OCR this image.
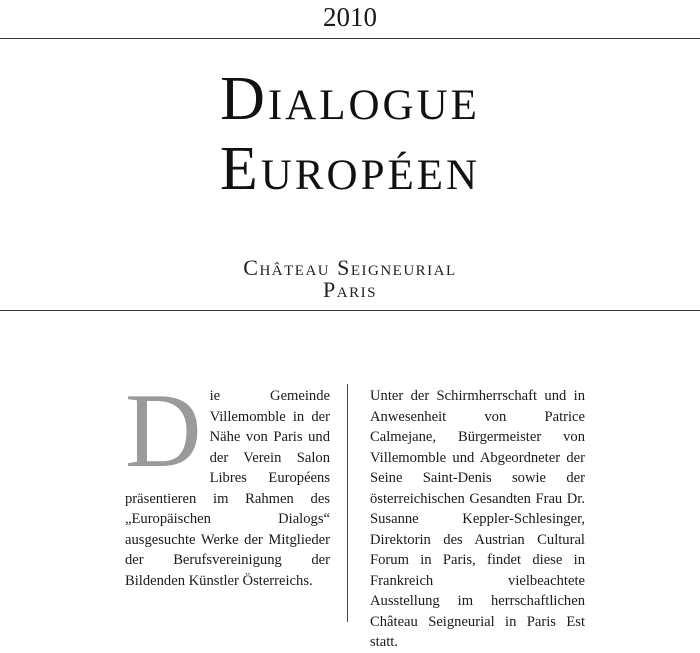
2010
Dialogue
Européen
Château Seigneurial
Paris
Die Gemeinde Villemomble in der Nähe von Paris und der Verein Salon Libres Européens präsentieren im Rahmen des „Europäischen Dialogs“ ausgesuchte Werke der Mitglieder der Berufsvereinigung der Bildenden Künstler Österreichs.
Unter der Schirmherrschaft und in Anwesenheit von Patrice Calmejane, Bürgermeister von Villemomble und Abgeordneter der Seine Saint-Denis sowie der österreichischen Gesandten Frau Dr. Susanne Keppler-Schlesinger, Direktorin des Austrian Cultural Forum in Paris, findet diese in Frankreich vielbeachtete Ausstellung im herrschaftlichen Château Seigneurial in Paris Est statt.
